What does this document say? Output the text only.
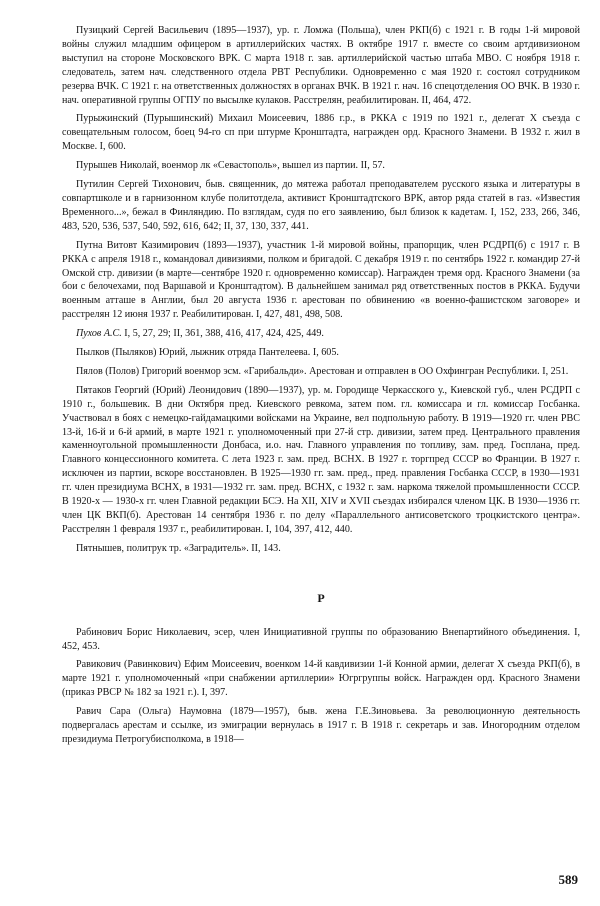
Пузицкий Сергей Васильевич (1895—1937), ур. г. Ломжа (Польша), член РКП(б) с 1921 г. В годы 1-й мировой войны служил младшим офицером в артиллерийских частях. В октябре 1917 г. вместе со своим артдивизионом выступил на стороне Московского ВРК. С марта 1918 г. зав. артиллерийской частью штаба МВО. С ноября 1918 г. следователь, затем нач. следственного отдела РВТ Республики. Одновременно с мая 1920 г. состоял сотрудником резерва ВЧК. С 1921 г. на ответственных должностях в органах ВЧК. В 1921 г. нач. 16 спецотделения ОО ВЧК. В 1930 г. нач. оперативной группы ОГПУ по высылке кулаков. Расстрелян, реабилитирован. II, 464, 472.

Пурыжинский (Пурышинский) Михаил Моисеевич, 1886 г.р., в РККА с 1919 по 1921 г., делегат X съезда с совещательным голосом, боец 94-го сп при штурме Кронштадта, награжден орд. Красного Знамени. В 1932 г. жил в Москве. I, 600.

Пурышев Николай, военмор лк «Севастополь», вышел из партии. II, 57.

Путилин Сергей Тихонович, быв. священник, до мятежа работал преподавателем русского языка и литературы в совпартшколе и в гарнизонном клубе политотдела, активист Кронштадтского ВРК, автор ряда статей в газ. «Известия Временного...», бежал в Финляндию. По взглядам, судя по его заявлению, был близок к кадетам. I, 152, 233, 266, 346, 483, 520, 536, 537, 540, 592, 616, 642; II, 37, 130, 337, 441.

Путна Витовт Казимирович (1893—1937), участник 1-й мировой войны, прапорщик, член РСДРП(б) с 1917 г. В РККА с апреля 1918 г., командовал дивизиями, полком и бригадой. С декабря 1919 г. по сентябрь 1922 г. командир 27-й Омской стр. дивизии (в марте—сентябре 1920 г. одновременно комиссар). Награжден тремя орд. Красного Знамени (за бои с белочехами, под Варшавой и Кронштадтом). В дальнейшем занимал ряд ответственных постов в РККА. Будучи военным атташе в Англии, был 20 августа 1936 г. арестован по обвинению «в военно-фашистском заговоре» и расстрелян 12 июня 1937 г. Реабилитирован. I, 427, 481, 498, 508.

Пухов А.С. I, 5, 27, 29; II, 361, 388, 416, 417, 424, 425, 449.

Пылков (Пыляков) Юрий, лыжник отряда Пантелеева. I, 605.

Пялов (Полов) Григорий военмор эсм. «Гарибальди». Арестован и отправлен в ОО Охфингран Республики. I, 251.

Пятаков Георгий (Юрий) Леонидович (1890—1937), ур. м. Городище Черкасского у., Киевской губ., член РСДРП с 1910 г., большевик. В дни Октября пред. Киевского ревкома, затем пом. гл. комиссара и гл. комиссар Госбанка. Участвовал в боях с немецко-гайдамацкими войсками на Украине, вел подпольную работу. В 1919—1920 гг. член РВС 13-й, 16-й и 6-й армий, в марте 1921 г. уполномоченный при 27-й стр. дивизии, затем пред. Центрального правления каменноугольной промышленности Донбаса, и.о. нач. Главного управления по топливу, зам. пред. Госплана, пред. Главного концессионного комитета. С лета 1923 г. зам. пред. ВСНХ. В 1927 г. торгпред СССР во Франции. В 1927 г. исключен из партии, вскоре восстановлен. В 1925—1930 гг. зам. пред., пред. правления Госбанка СССР, в 1930—1931 гг. член президиума ВСНХ, в 1931—1932 гг. зам. пред. ВСНХ, с 1932 г. зам. наркома тяжелой промышленности СССР. В 1920-х — 1930-х гг. член Главной редакции БСЭ. На XII, XIV и XVII съездах избирался членом ЦК. В 1930—1936 гг. член ЦК ВКП(б). Арестован 14 сентября 1936 г. по делу «Параллельного антисоветского троцкистского центра». Расстрелян 1 февраля 1937 г., реабилитирован. I, 104, 397, 412, 440.

Пятнышев, политрук тр. «Заградитель». II, 143.

Р

Рабинович Борис Николаевич, эсер, член Инициативной группы по образованию Внепартийного объединения. I, 452, 453.

Равикович (Равинкович) Ефим Моисеевич, военком 14-й кавдивизии 1-й Конной армии, делегат X съезда РКП(б), в марте 1921 г. уполномоченный «при снабжении артиллерии» Югргруппы войск. Награжден орд. Красного Знамени (приказ РВСР № 182 за 1921 г.). I, 397.

Равич Сара (Ольга) Наумовна (1879—1957), быв. жена Г.Е.Зиновьева. За революционную деятельность подвергалась арестам и ссылке, из эмиграции вернулась в 1917 г. В 1918 г. секретарь и зав. Иногородним отделом президиума Петрогубисполкома, в 1918—

589
